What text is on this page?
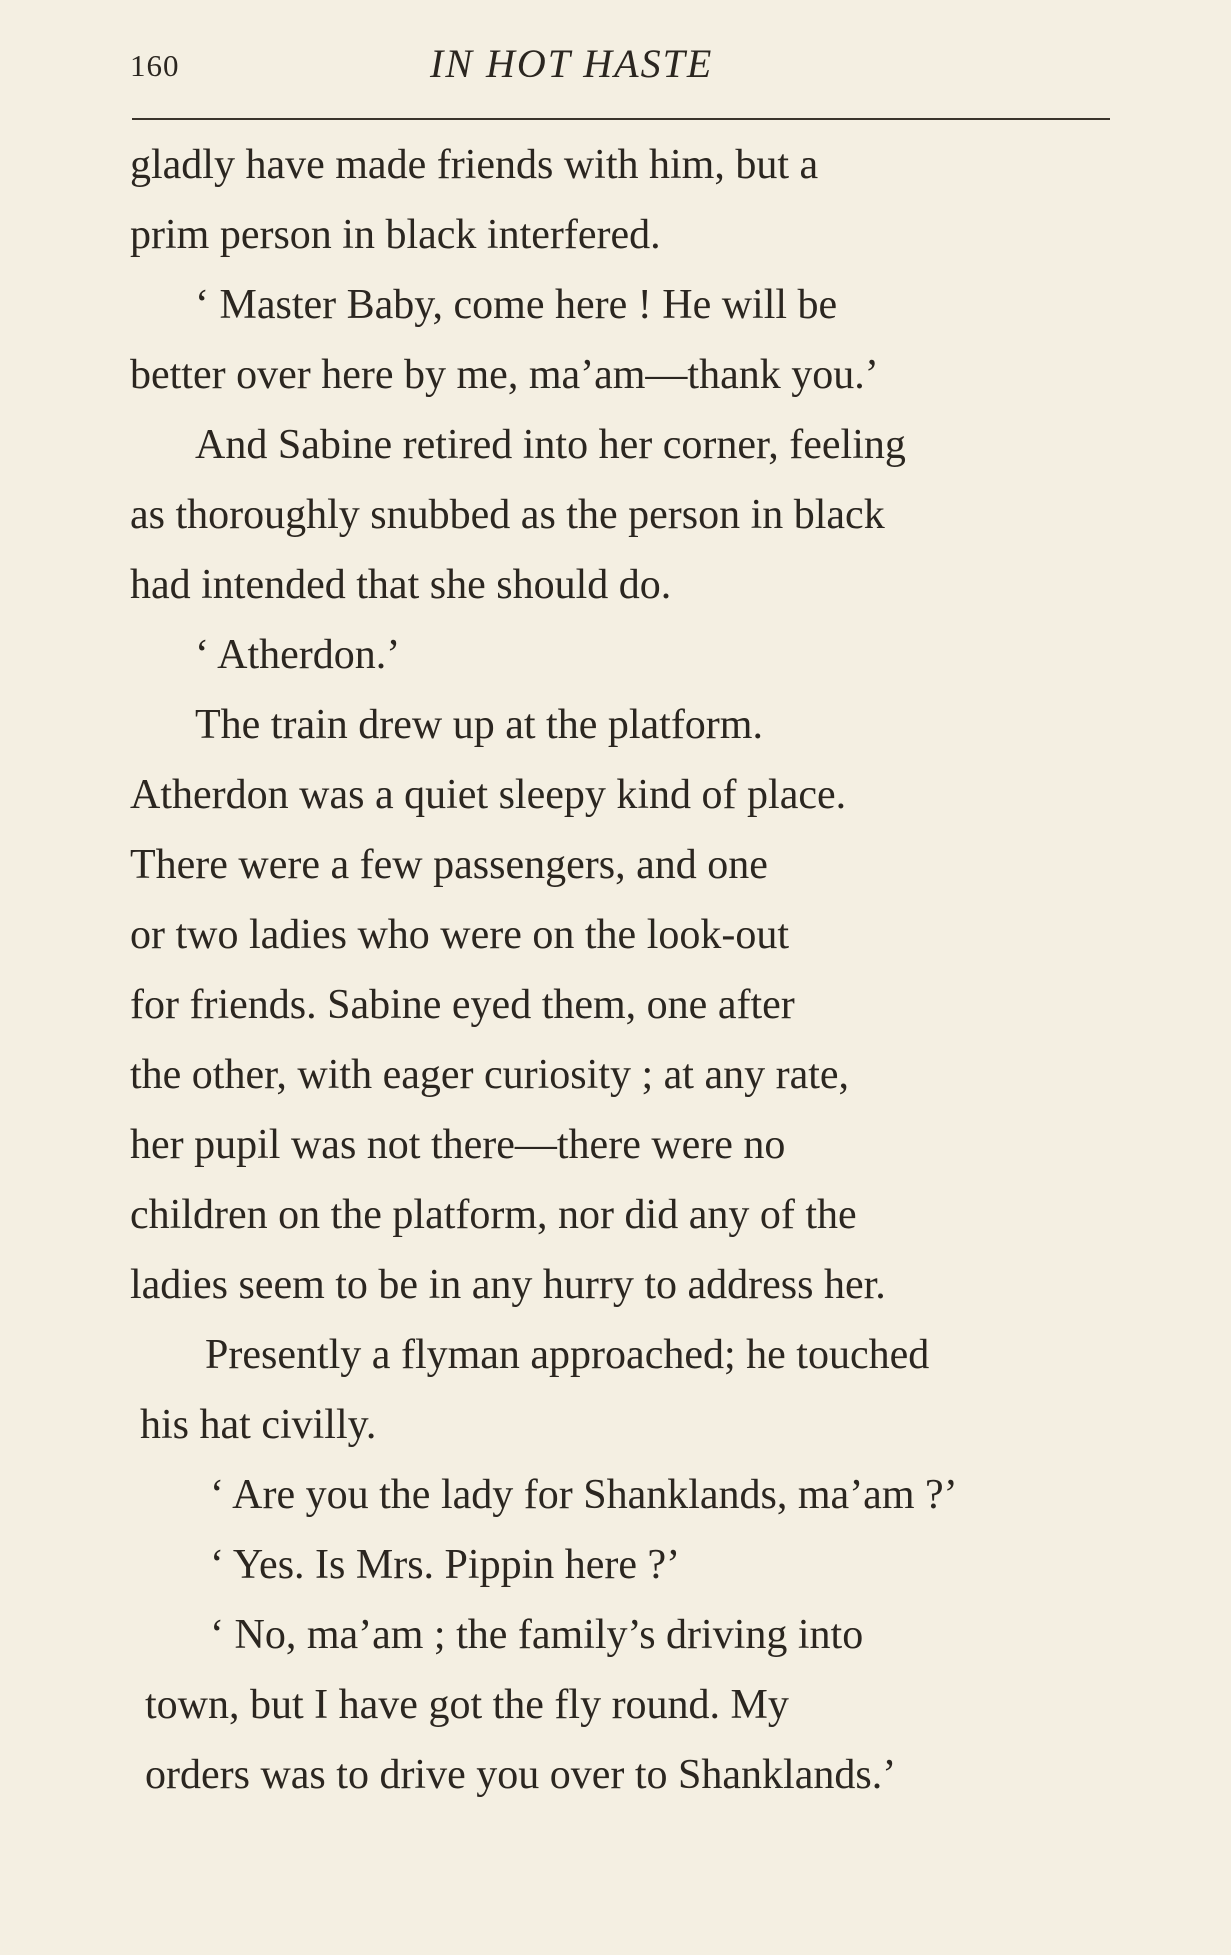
160	IN HOT HASTE
gladly have made friends with him, but a
prim person in black interfered.
‘ Master Baby, come here ! He will be
better over here by me, ma’am—thank you.’
And Sabine retired into her corner, feeling
as thoroughly snubbed as the person in black
had intended that she should do.
‘ Atherdon.’
The train drew up at the platform.
Atherdon was a quiet sleepy kind of place.
There were a few passengers, and one
or two ladies who were on the look-out
for friends. Sabine eyed them, one after
the other, with eager curiosity ; at any rate,
her pupil was not there—there were no
children on the platform, nor did any of the
ladies seem to be in any hurry to address her.
Presently a flyman approached; he touched
his hat civilly.
‘ Are you the lady for Shanklands, ma’am ?’
‘ Yes. Is Mrs. Pippin here ?’
‘ No, ma’am ; the family’s driving into
town, but I have got the fly round. My
orders was to drive you over to Shanklands.’
